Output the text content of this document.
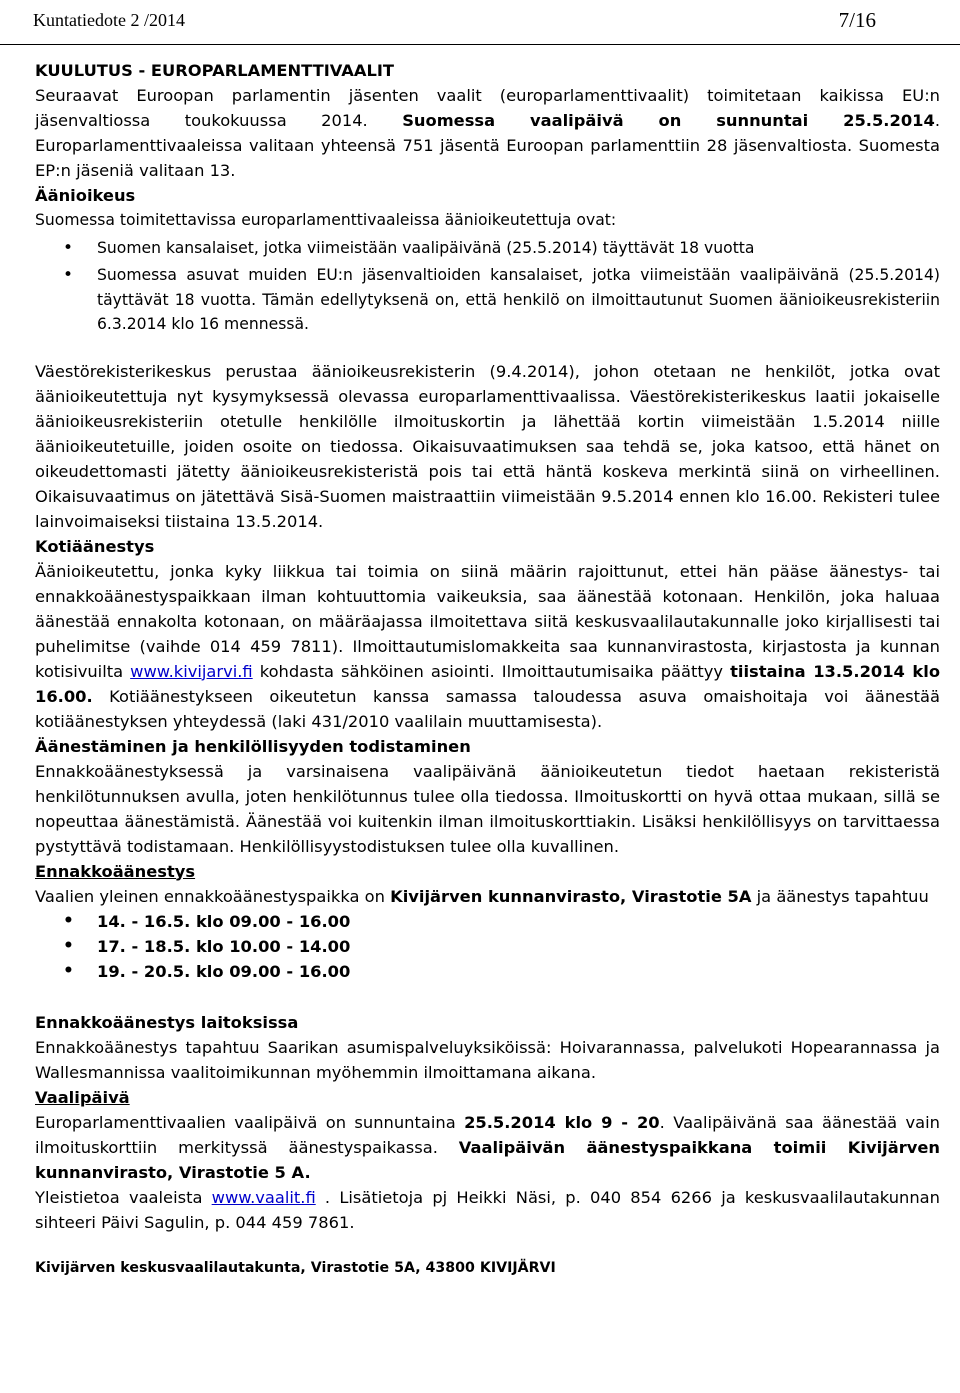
Kuntatiedote 2 /2014	7/16

KUULUTUS - EUROPARLAMENTTIVAALIT

Seuraavat Euroopan parlamentin jäsenten vaalit (europarlamenttivaalit) toimitetaan kaikissa EU:n jäsenvaltiossa toukokuussa 2014. Suomessa vaalipäivä on sunnuntai 25.5.2014. Europarlamenttivaaleissa valitaan yhteensä 751 jäsentä Euroopan parlamenttiin 28 jäsenvaltiosta. Suomesta EP:n jäseniä valitaan 13.

Äänioikeus

Suomessa toimitettavissa europarlamenttivaaleissa äänioikeutettuja ovat:

• Suomen kansalaiset, jotka viimeistään vaalipäivänä (25.5.2014) täyttävät 18 vuotta
• Suomessa asuvat muiden EU:n jäsenvaltioiden kansalaiset, jotka viimeistään vaalipäivänä (25.5.2014) täyttävät 18 vuotta. Tämän edellytyksenä on, että henkilö on ilmoittautunut Suomen äänioikeusrekisteriin 6.3.2014 klo 16 mennessä.

Väestörekisterikeskus perustaa äänioikeusrekisterin (9.4.2014), johon otetaan ne henkilöt, jotka ovat äänioikeutettuja nyt kysymyksessä olevassa europarlamenttivaalissa. Väestörekisterikeskus laatii jokaiselle äänioikeusrekisteriin otetulle henkilölle ilmoituskortin ja lähettää kortin viimeistään 1.5.2014 niille äänioikeutetuille, joiden osoite on tiedossa. Oikaisuvaatimuksen saa tehdä se, joka katsoo, että hänet on oikeudettomasti jätetty äänioikeusrekisteristä pois tai että häntä koskeva merkintä siinä on virheellinen. Oikaisuvaatimus on jätettävä Sisä-Suomen maistraattiin viimeistään 9.5.2014 ennen klo 16.00. Rekisteri tulee lainvoimaiseksi tiistaina 13.5.2014.

Kotiäänestys

Äänioikeutettu, jonka kyky liikkua tai toimia on siinä määrin rajoittunut, ettei hän pääse äänestys- tai ennakkoäänestyspaikkaan ilman kohtuuttomia vaikeuksia, saa äänestää kotonaan. Henkilön, joka haluaa äänestää ennakolta kotonaan, on määräajassa ilmoitettava siitä keskusvaalilautakunnalle joko kirjallisesti tai puhelimitse (vaihde 014 459 7811). Ilmoittautumislomakkeita saa kunnanvirastosta, kirjastosta ja kunnan kotisivuilta www.kivijarvi.fi kohdasta sähköinen asiointi. Ilmoittautumisaika päättyy tiistaina 13.5.2014 klo 16.00. Kotiäänestykseen oikeutetun kanssa samassa taloudessa asuva omaishoitaja voi äänestää kotiäänestyksen yhteydessä (laki 431/2010 vaalilain muuttamisesta).

Äänestäminen ja henkilöllisyyden todistaminen

Ennakkoäänestyksessä ja varsinaisena vaalipäivänä äänioikeutetun tiedot haetaan rekisteristä henkilötunnuksen avulla, joten henkilötunnus tulee olla tiedossa. Ilmoituskortti on hyvä ottaa mukaan, sillä se nopeuttaa äänestämistä. Äänestää voi kuitenkin ilman ilmoituskorttiakin. Lisäksi henkilöllisyys on tarvittaessa pystyttävä todistamaan. Henkilöllisyystodistuksen tulee olla kuvallinen.

Ennakkoäänestys

Vaalien yleinen ennakkoäänestyspaikka on Kivijärven kunnanvirasto, Virastotie 5A ja äänestys tapahtuu

• 14. - 16.5. klo 09.00 - 16.00
• 17. - 18.5. klo 10.00 - 14.00
• 19. - 20.5. klo 09.00 - 16.00

Ennakkoäänestys laitoksissa

Ennakkoäänestys tapahtuu Saarikan asumispalveluyksiköissä: Hoivarannassa, palvelukoti Hopearannassa ja Wallesmannissa vaalitoimikunnan myöhemmin ilmoittamana aikana.

Vaalipäivä

Europarlamenttivaalien vaalipäivä on sunnuntaina 25.5.2014 klo 9 - 20. Vaalipäivänä saa äänestää vain ilmoituskorttiin merkityssä äänestyspaikassa. Vaalipäivän äänestyspaikkana toimii Kivijärven kunnanvirasto, Virastotie 5 A.

Yleistietoa vaaleista www.vaalit.fi . Lisätietoja pj Heikki Näsi, p. 040 854 6266 ja keskusvaalilautakunnan sihteeri Päivi Sagulin, p. 044 459 7861.

Kivijärven keskusvaalilautakunta, Virastotie 5A, 43800 KIVIJÄRVI
